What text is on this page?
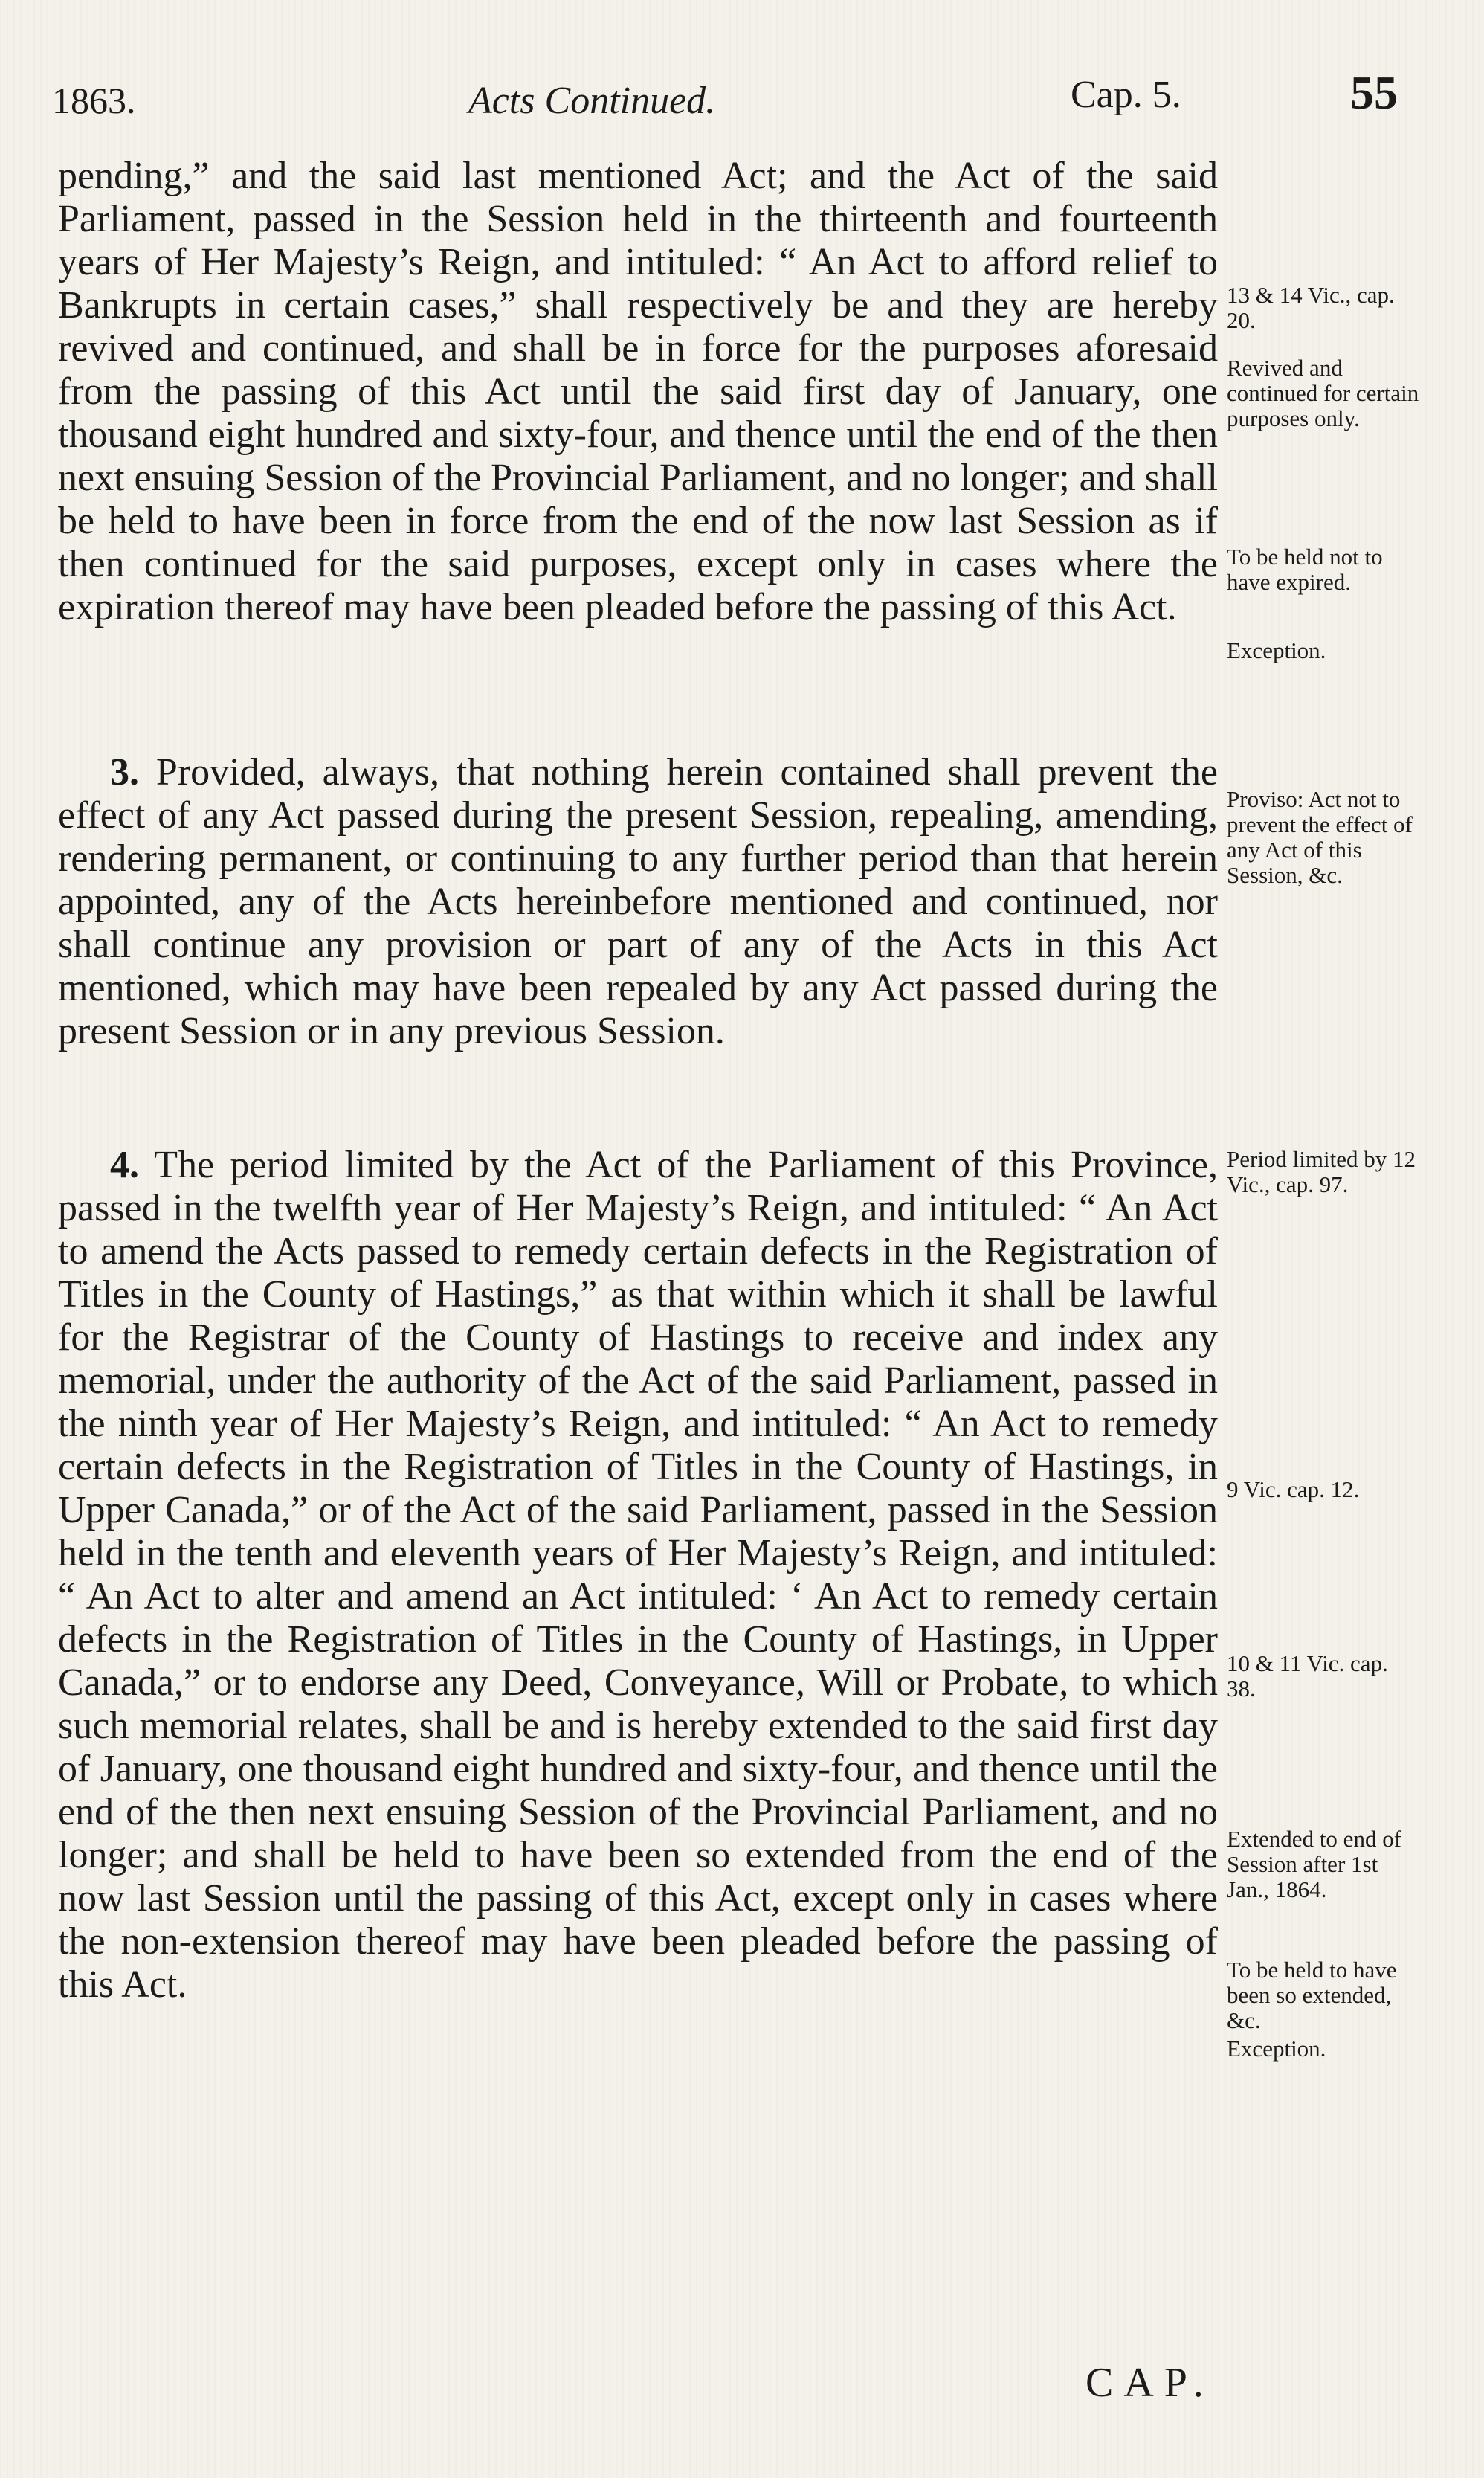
1863.	Acts Continued.	Cap. 5.	55

pending,” and the said last mentioned Act; and the Act of the said Parliament, passed in the Session held in the thirteenth and fourteenth years of Her Majesty’s Reign, and intituled: “ An Act to afford relief to Bankrupts in certain cases,” shall respectively be and they are hereby revived and continued, and shall be in force for the purposes aforesaid from the passing of this Act until the said first day of January, one thousand eight hundred and sixty-four, and thence until the end of the then next ensuing Session of the Provincial Parliament, and no longer; and shall be held to have been in force from the end of the now last Session as if then continued for the said purposes, except only in cases where the expiration thereof may have been pleaded before the passing of this Act.

3. Provided, always, that nothing herein contained shall prevent the effect of any Act passed during the present Session, repealing, amending, rendering permanent, or continuing to any further period than that herein appointed, any of the Acts hereinbefore mentioned and continued, nor shall continue any provision or part of any of the Acts in this Act mentioned, which may have been repealed by any Act passed during the present Session or in any previous Session.

4. The period limited by the Act of the Parliament of this Province, passed in the twelfth year of Her Majesty’s Reign, and intituled: “ An Act to amend the Acts passed to remedy certain defects in the Registration of Titles in the County of Hastings,” as that within which it shall be lawful for the Registrar of the County of Hastings to receive and index any memorial, under the authority of the Act of the said Parliament, passed in the ninth year of Her Majesty’s Reign, and intituled: “ An Act to remedy certain defects in the Registration of Titles in the County of Hastings, in Upper Canada,” or of the Act of the said Parliament, passed in the Session held in the tenth and eleventh years of Her Majesty’s Reign, and intituled: “ An Act to alter and amend an Act intituled: ‘ An Act to remedy certain defects in the Registration of Titles in the County of Hastings, in Upper Canada,” or to endorse any Deed, Conveyance, Will or Probate, to which such memorial relates, shall be and is hereby extended to the said first day of January, one thousand eight hundred and sixty-four, and thence until the end of the then next ensuing Session of the Provincial Parliament, and no longer; and shall be held to have been so extended from the end of the now last Session until the passing of this Act, except only in cases where the non-extension thereof may have been pleaded before the passing of this Act.

13 & 14 Vic., cap. 20.
Revived and continued for certain purposes only.
To be held not to have expired.
Exception.
Proviso: Act not to prevent the effect of any Act of this Session, &c.
Period limited by 12 Vic., cap. 97.
9 Vic. cap. 12.
10 & 11 Vic. cap. 38.
Extended to end of Session after 1st Jan., 1864.
To be held to have been so extended, &c.
Exception.
CAP.
